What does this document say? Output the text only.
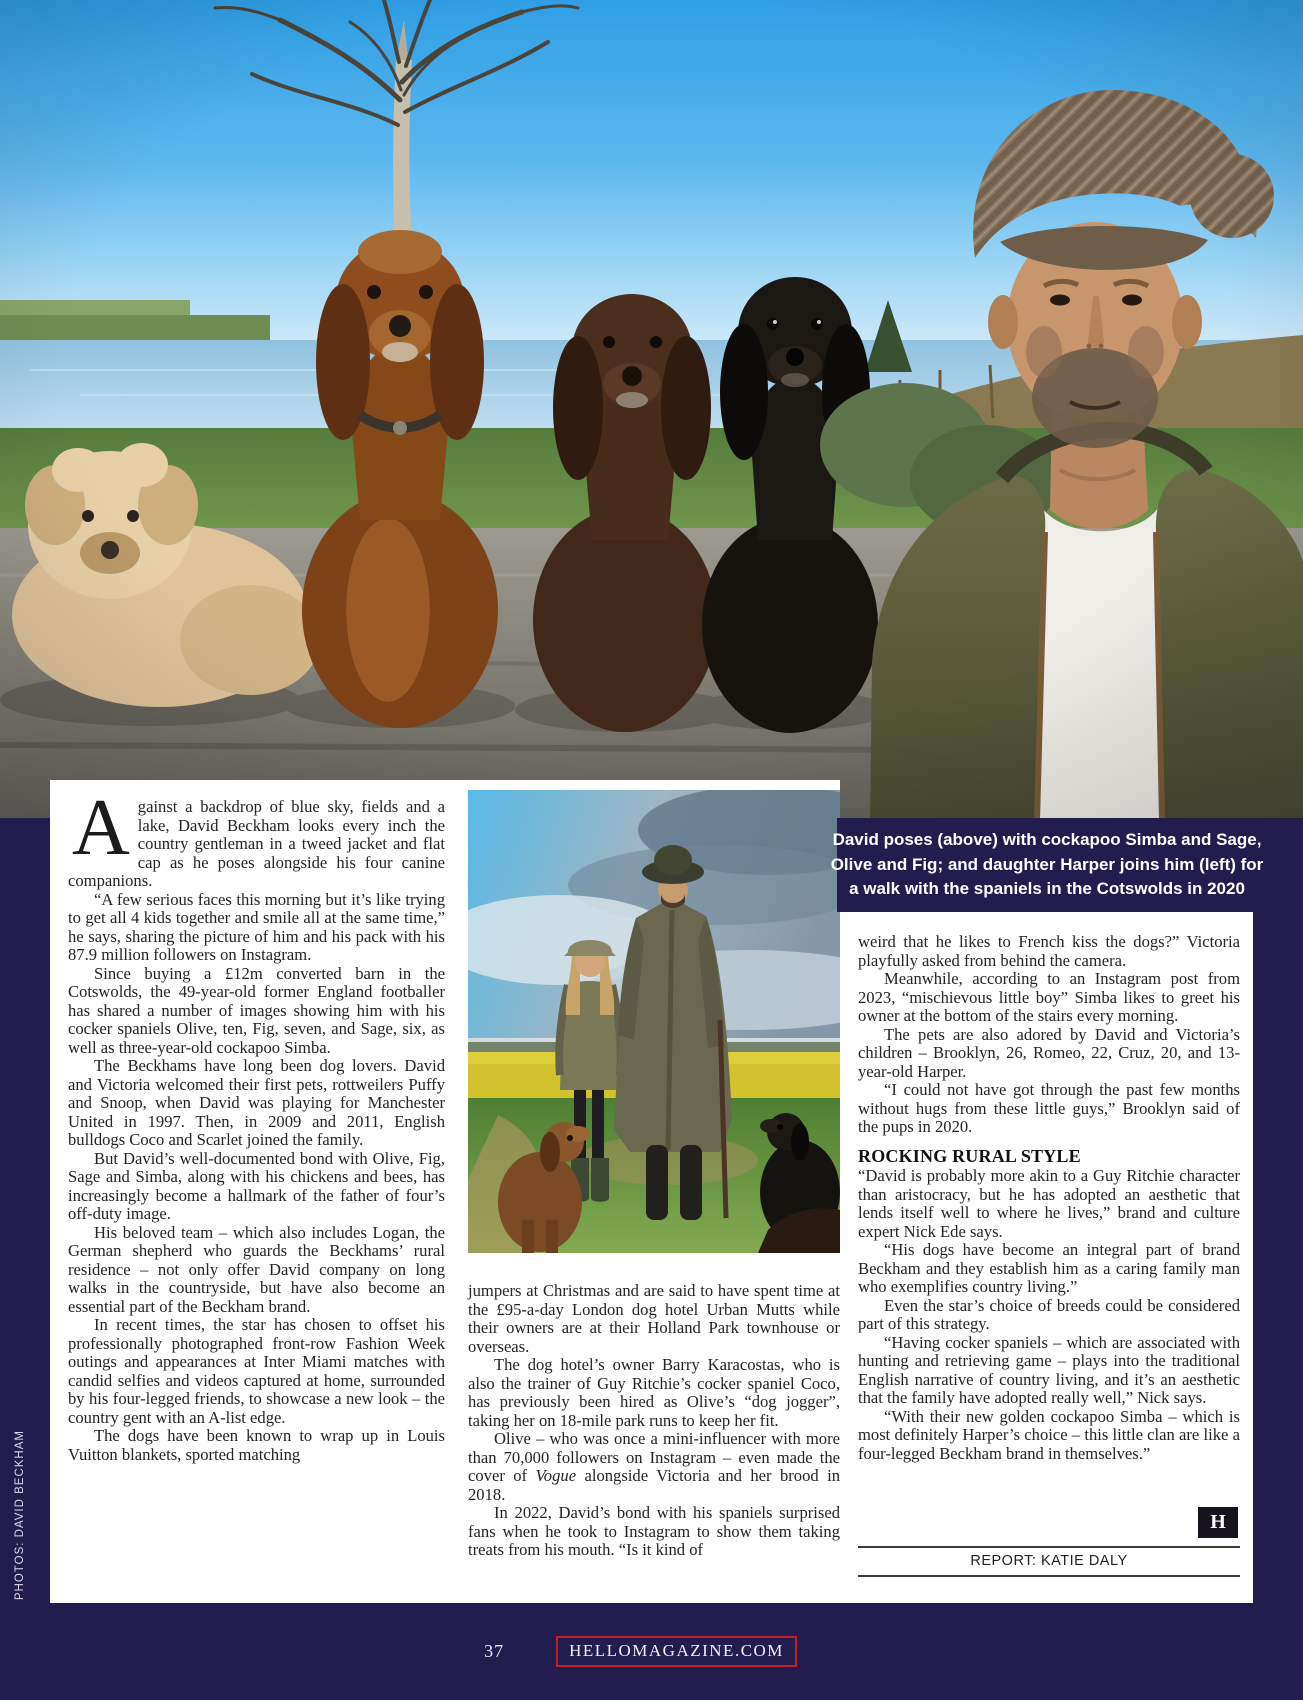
David poses (above) with cockapoo Simba and Sage,
Olive and Fig; and daughter Harper joins him (left) for
a walk with the spaniels in the Cotswolds in 2020

Against a backdrop of blue sky, fields and a lake, David Beckham looks every inch the country gentleman in a tweed jacket and flat cap as he poses alongside his four canine companions.

“A few serious faces this morning but it’s like trying to get all 4 kids together and smile all at the same time,” he says, sharing the picture of him and his pack with his 87.9 million followers on Instagram.

Since buying a £12m converted barn in the Cotswolds, the 49-year-old former England footballer has shared a number of images showing him with his cocker spaniels Olive, ten, Fig, seven, and Sage, six, as well as three-year-old cockapoo Simba.

The Beckhams have long been dog lovers. David and Victoria welcomed their first pets, rottweilers Puffy and Snoop, when David was playing for Manchester United in 1997. Then, in 2009 and 2011, English bulldogs Coco and Scarlet joined the family.

But David’s well-documented bond with Olive, Fig, Sage and Simba, along with his chickens and bees, has increasingly become a hallmark of the father of four’s off-duty image.

His beloved team – which also includes Logan, the German shepherd who guards the Beckhams’ rural residence – not only offer David company on long walks in the countryside, but have also become an essential part of the Beckham brand.

In recent times, the star has chosen to offset his professionally photographed front-row Fashion Week outings and appearances at Inter Miami matches with candid selfies and videos captured at home, surrounded by his four-legged friends, to showcase a new look – the country gent with an A-list edge.

The dogs have been known to wrap up in Louis Vuitton blankets, sported matching

jumpers at Christmas and are said to have spent time at the £95-a-day London dog hotel Urban Mutts while their owners are at their Holland Park townhouse or overseas.

The dog hotel’s owner Barry Karacostas, who is also the trainer of Guy Ritchie’s cocker spaniel Coco, has previously been hired as Olive’s “dog jogger”, taking her on 18-mile park runs to keep her fit.

Olive – who was once a mini-influencer with more than 70,000 followers on Instagram – even made the cover of Vogue alongside Victoria and her brood in 2018.

In 2022, David’s bond with his spaniels surprised fans when he took to Instagram to show them taking treats from his mouth. “Is it kind of

weird that he likes to French kiss the dogs?” Victoria playfully asked from behind the camera.

Meanwhile, according to an Instagram post from 2023, “mischievous little boy” Simba likes to greet his owner at the bottom of the stairs every morning.

The pets are also adored by David and Victoria’s children – Brooklyn, 26, Romeo, 22, Cruz, 20, and 13-year-old Harper.

“I could not have got through the past few months without hugs from these little guys,” Brooklyn said of the pups in 2020.

ROCKING RURAL STYLE

“David is probably more akin to a Guy Ritchie character than aristocracy, but he has adopted an aesthetic that lends itself well to where he lives,” brand and culture expert Nick Ede says.

“His dogs have become an integral part of brand Beckham and they establish him as a caring family man who exemplifies country living.”

Even the star’s choice of breeds could be considered part of this strategy.

“Having cocker spaniels – which are associated with hunting and retrieving game – plays into the traditional English narrative of country living, and it’s an aesthetic that the family have adopted really well,” Nick says.

“With their new golden cockapoo Simba – which is most definitely Harper’s choice – this little clan are like a four-legged Beckham brand in themselves.”

H
REPORT: KATIE DALY
PHOTOS: DAVID BECKHAM
37	HELLOMAGAZINE.COM
